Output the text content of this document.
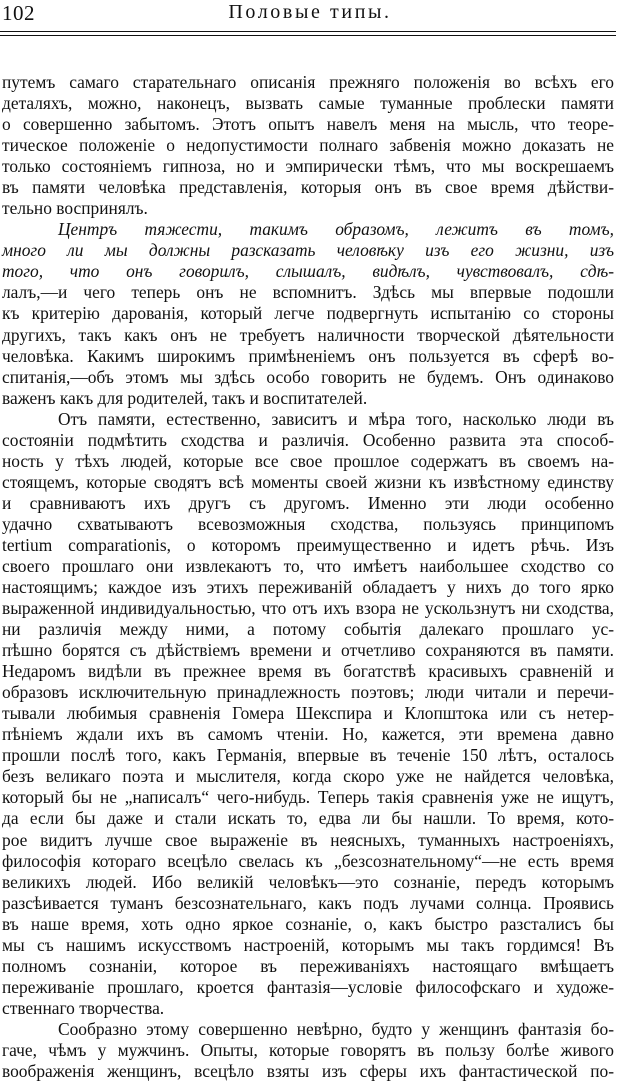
102	Половые типы.
путемъ самаго старательнаго описанія прежняго положенія во всѣхъ его
деталяхъ, можно, наконецъ, вызвать самые туманные проблески памяти
о совершенно забытомъ. Этотъ опытъ навелъ меня на мысль, что теоре-
тическое положеніе о недопустимости полнаго забвенія можно доказать не
только состояніемъ гипноза, но и эмпирически тѣмъ, что мы воскрешаемъ
въ памяти человѣка представленія, которыя онъ въ свое время дѣйстви-
тельно воспринялъ.
Центръ тяжести, такимъ образомъ, лежитъ въ томъ,
много ли мы должны разсказать человѣку изъ его жизни, изъ
того, что онъ говорилъ, слышалъ, видѣлъ, чувствовалъ, сдѣ-
лалъ,—и чего теперь онъ не вспомнитъ. Здѣсь мы впервые подошли
къ критерію дарованія, который легче подвергнуть испытанію со стороны
другихъ, такъ какъ онъ не требуетъ наличности творческой дѣятельности
человѣка. Какимъ широкимъ примѣненіемъ онъ пользуется въ сферѣ во-
спитанія,—объ этомъ мы здѣсь особо говорить не будемъ. Онъ одинаково
важенъ какъ для родителей, такъ и воспитателей.
Отъ памяти, естественно, зависитъ и мѣра того, насколько люди въ
состояніи подмѣтить сходства и различія. Особенно развита эта способ-
ность у тѣхъ людей, которые все свое прошлое содержатъ въ своемъ на-
стоящемъ, которые сводятъ всѣ моменты своей жизни къ извѣстному единству
и сравниваютъ ихъ другъ съ другомъ. Именно эти люди особенно
удачно схватываютъ всевозможныя сходства, пользуясь принципомъ
tertium comparationis, о которомъ преимущественно и идетъ рѣчь. Изъ
своего прошлаго они извлекаютъ то, что имѣетъ наибольшее сходство со
настоящимъ; каждое изъ этихъ переживаній обладаетъ у нихъ до того ярко
выраженной индивидуальностью, что отъ ихъ взора не ускользнутъ ни сходства,
ни различія между ними, а потому событія далекаго прошлаго ус-
пѣшно борятся съ дѣйствіемъ времени и отчетливо сохраняются въ памяти.
Недаромъ видѣли въ прежнее время въ богатствѣ красивыхъ сравненій и
образовъ исключительную принадлежность поэтовъ; люди читали и перечи-
тывали любимыя сравненія Гомера Шекспира и Клопштока или съ нетер-
пѣніемъ ждали ихъ въ самомъ чтеніи. Но, кажется, эти времена давно
прошли послѣ того, какъ Германія, впервые въ теченіе 150 лѣтъ, осталось
безъ великаго поэта и мыслителя, когда скоро уже не найдется человѣка,
который бы не „написалъ“ чего-нибудь. Теперь такія сравненія уже не ищутъ,
да если бы даже и стали искать то, едва ли бы нашли. То время, кото-
рое видитъ лучше свое выраженіе въ неясныхъ, туманныхъ настроеніяхъ,
философія котораго всецѣло свелась къ „безсознательному“—не есть время
великихъ людей. Ибо великій человѣкъ—это сознаніе, передъ которымъ
разсѣивается туманъ безсознательнаго, какъ подъ лучами солнца. Проявись
въ наше время, хоть одно яркое сознаніе, о, какъ быстро разсталисъ бы
мы съ нашимъ искусствомъ настроеній, которымъ мы такъ гордимся! Въ
полномъ сознаніи, которое въ переживаніяхъ настоящаго вмѣщаетъ
переживаніе прошлаго, кроется фантазія—условіе философскаго и художе-
ственнаго творчества.
Сообразно этому совершенно невѣрно, будто у женщинъ фантазія бо-
гаче, чѣмъ у мужчинъ. Опыты, которые говорятъ въ пользу болѣе живого
воображенія женщинъ, всецѣло взяты изъ сферы ихъ фантастической по-
